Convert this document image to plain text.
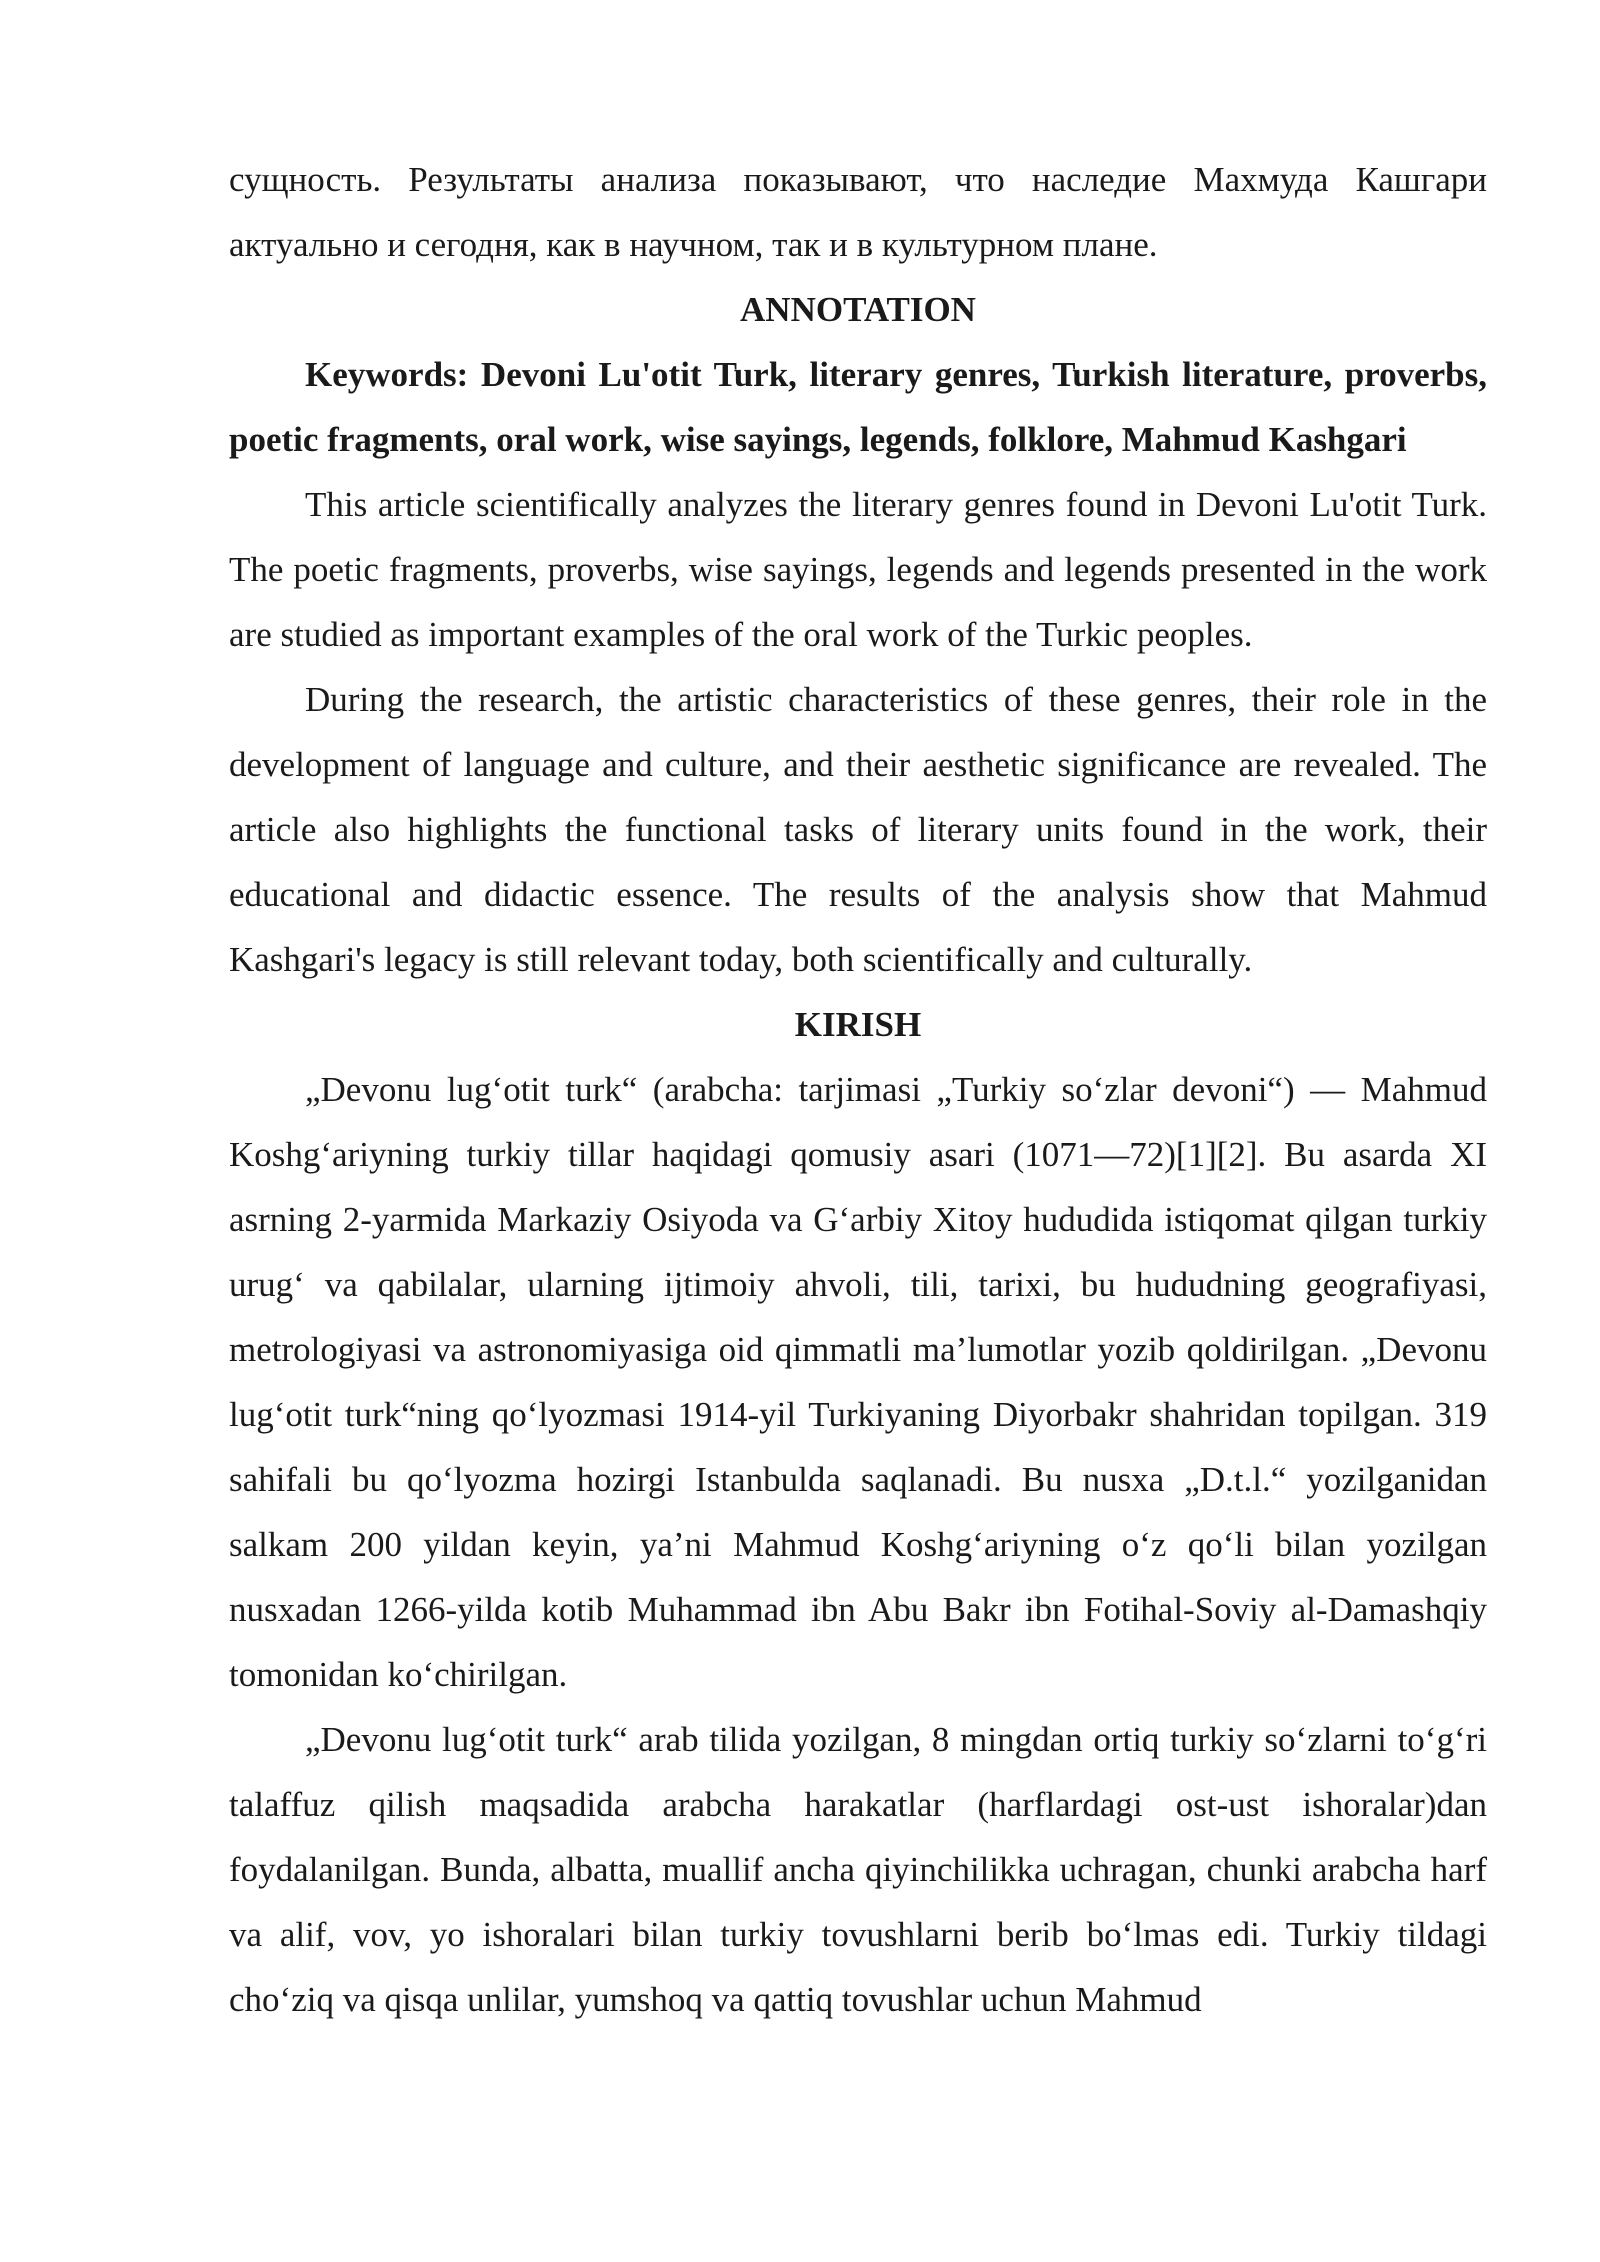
сущность. Результаты анализа показывают, что наследие Махмуда Кашгари актуально и сегодня, как в научном, так и в культурном плане.

ANNOTATION

Keywords: Devoni Lu'otit Turk, literary genres, Turkish literature, proverbs, poetic fragments, oral work, wise sayings, legends, folklore, Mahmud Kashgari

This article scientifically analyzes the literary genres found in Devoni Lu'otit Turk. The poetic fragments, proverbs, wise sayings, legends and legends presented in the work are studied as important examples of the oral work of the Turkic peoples.

During the research, the artistic characteristics of these genres, their role in the development of language and culture, and their aesthetic significance are revealed. The article also highlights the functional tasks of literary units found in the work, their educational and didactic essence. The results of the analysis show that Mahmud Kashgari's legacy is still relevant today, both scientifically and culturally.

KIRISH

„Devonu lug‘otit turk“ (arabcha: tarjimasi „Turkiy so‘zlar devoni“) — Mahmud Koshg‘ariyning turkiy tillar haqidagi qomusiy asari (1071—72)[1][2]. Bu asarda XI asrning 2-yarmida Markaziy Osiyoda va G‘arbiy Xitoy hududida istiqomat qilgan turkiy urug‘ va qabilalar, ularning ijtimoiy ahvoli, tili, tarixi, bu hududning geografiyasi, metrologiyasi va astronomiyasiga oid qimmatli ma’lumotlar yozib qoldirilgan. „Devonu lug‘otit turk“ning qo‘lyozmasi 1914-yil Turkiyaning Diyorbakr shahridan topilgan. 319 sahifali bu qo‘lyozma hozirgi Istanbulda saqlanadi. Bu nusxa „D.t.l.“ yozilganidan salkam 200 yildan keyin, ya’ni Mahmud Koshg‘ariyning o‘z qo‘li bilan yozilgan nusxadan 1266-yilda kotib Muhammad ibn Abu Bakr ibn Fotihal-Soviy al-Damashqiy tomonidan ko‘chirilgan.

„Devonu lug‘otit turk“ arab tilida yozilgan, 8 mingdan ortiq turkiy so‘zlarni to‘g‘ri talaffuz qilish maqsadida arabcha harakatlar (harflardagi ost-ust ishoralar)dan foydalanilgan. Bunda, albatta, muallif ancha qiyinchilikka uchragan, chunki arabcha harf va alif, vov, yo ishoralari bilan turkiy tovushlarni berib bo‘lmas edi. Turkiy tildagi cho‘ziq va qisqa unlilar, yumshoq va qattiq tovushlar uchun Mahmud
